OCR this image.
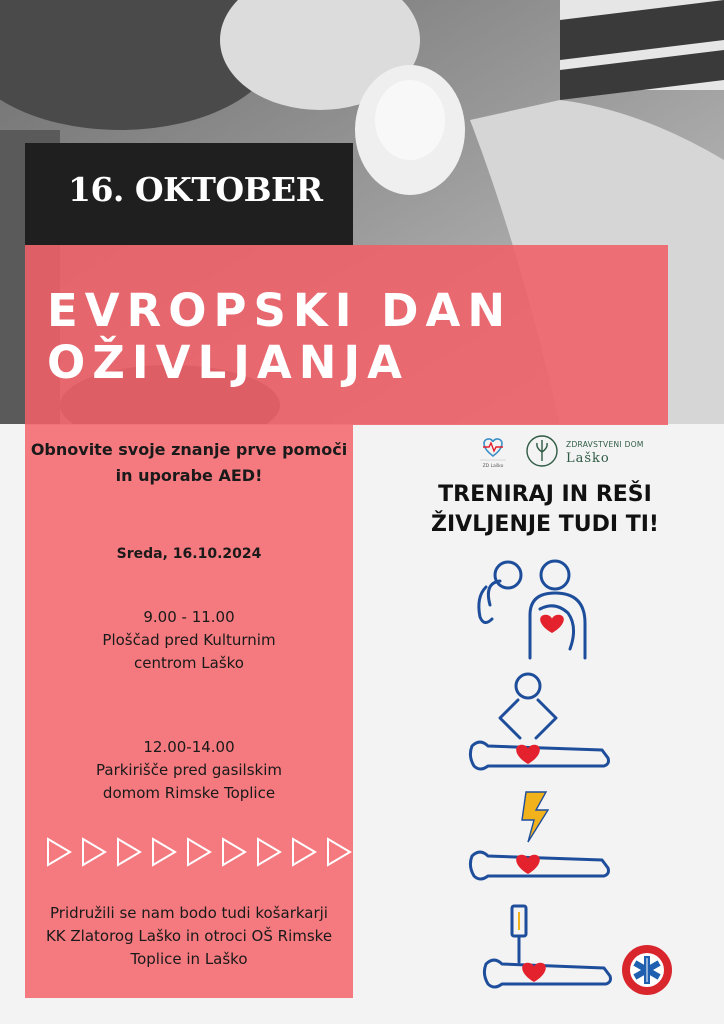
16. OKTOBER
EVROPSKI DAN
OŽIVLJANJA
Obnovite svoje znanje prve pomoči in uporabe AED!
Sreda, 16.10.2024
9.00 - 11.00
Ploščad pred Kulturnim
centrom Laško
12.00-14.00
Parkirišče pred gasilskim
domom Rimske Toplice
Pridružili se nam bodo tudi košarkarji
KK Zlatorog Laško in otroci OŠ Rimske
Toplice in Laško
ZD Laško
ZDRAVSTVENI DOM
Laško
TRENIRAJ IN REŠI
ŽIVLJENJE TUDI TI!
